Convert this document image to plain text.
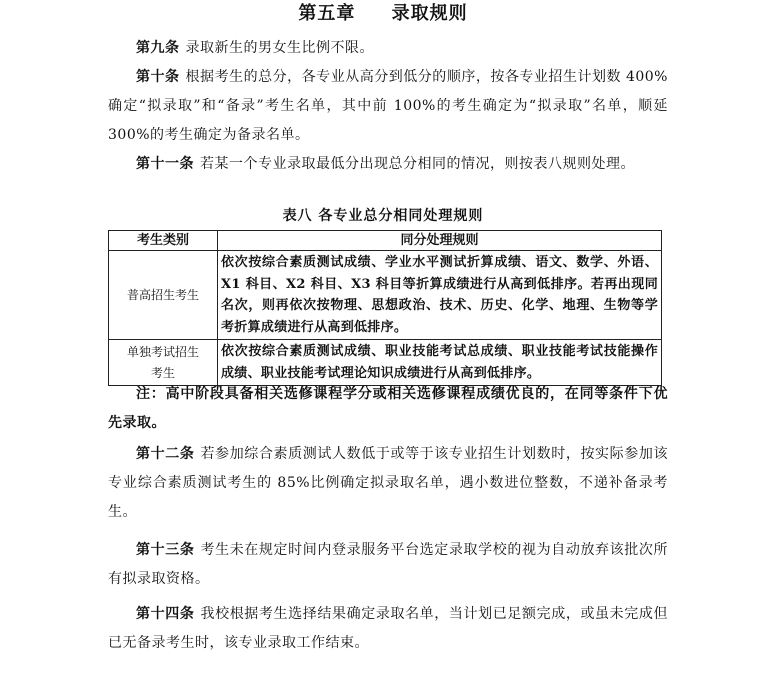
第五章 录取规则

第九条 录取新生的男女生比例不限。

第十条 根据考生的总分，各专业从高分到低分的顺序，按各专业招生计划数 400%确定“拟录取”和“备录”考生名单，其中前 100%的考生确定为“拟录取”名单，顺延 300%的考生确定为备录名单。

第十一条 若某一个专业录取最低分出现总分相同的情况，则按表八规则处理。

表八 各专业总分相同处理规则
考生类别	同分处理规则
普高招生考生	依次按综合素质测试成绩、学业水平测试折算成绩、语文、数学、外语、X1 科目、X2 科目、X3 科目等折算成绩进行从高到低排序。若再出现同名次，则再依次按物理、思想政治、技术、历史、化学、地理、生物等学考折算成绩进行从高到低排序。
单独考试招生考生	依次按综合素质测试成绩、职业技能考试总成绩、职业技能考试技能操作成绩、职业技能考试理论知识成绩进行从高到低排序。

注：高中阶段具备相关选修课程学分或相关选修课程成绩优良的，在同等条件下优先录取。

第十二条 若参加综合素质测试人数低于或等于该专业招生计划数时，按实际参加该专业综合素质测试考生的 85%比例确定拟录取名单，遇小数进位整数，不递补备录考生。

第十三条 考生未在规定时间内登录服务平台选定录取学校的视为自动放弃该批次所有拟录取资格。

第十四条 我校根据考生选择结果确定录取名单，当计划已足额完成，或虽未完成但已无备录考生时，该专业录取工作结束。
